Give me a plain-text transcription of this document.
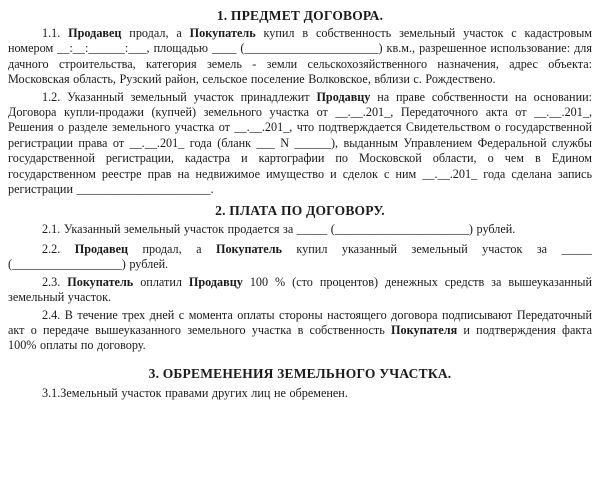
1. ПРЕДМЕТ ДОГОВОРА.

1.1. Продавец продал, а Покупатель купил в собственность земельный участок с кадастровым номером __:__:______:___, площадью ____ (______________________) кв.м., разрешенное использование: для дачного строительства, категория земель - земли сельскохозяйственного назначения, адрес объекта: Московская область, Рузский район, сельское поселение Волковское, вблизи с. Рождествено.

1.2. Указанный земельный участок принадлежит Продавцу на праве собственности на основании: Договора купли-продажи (купчей) земельного участка от __.__.201_, Передаточного акта от __.__.201_, Решения о разделе земельного участка от __.__.201_, что подтверждается Свидетельством о государственной регистрации права от __.__.201_ года (бланк ___ N ______), выданным Управлением Федеральной службы государственной регистрации, кадастра и картографии по Московской области, о чем в Едином государственном реестре прав на недвижимое имущество и сделок с ним __.__.201_ года сделана запись регистрации ______________________.

2. ПЛАТА ПО ДОГОВОРУ.

2.1. Указанный земельный участок продается за _____ (______________________) рублей.

2.2. Продавец продал, а Покупатель купил указанный земельный участок за _____ (__________________) рублей.

2.3. Покупатель оплатил Продавцу 100 % (сто процентов) денежных средств за вышеуказанный земельный участок.

2.4. В течение трех дней с момента оплаты стороны настоящего договора подписывают Передаточный акт о передаче вышеуказанного земельного участка в собственность Покупателя и подтверждения факта 100% оплаты по договору.

3. ОБРЕМЕНЕНИЯ ЗЕМЕЛЬНОГО УЧАСТКА.

3.1.Земельный участок правами других лиц не обременен.
